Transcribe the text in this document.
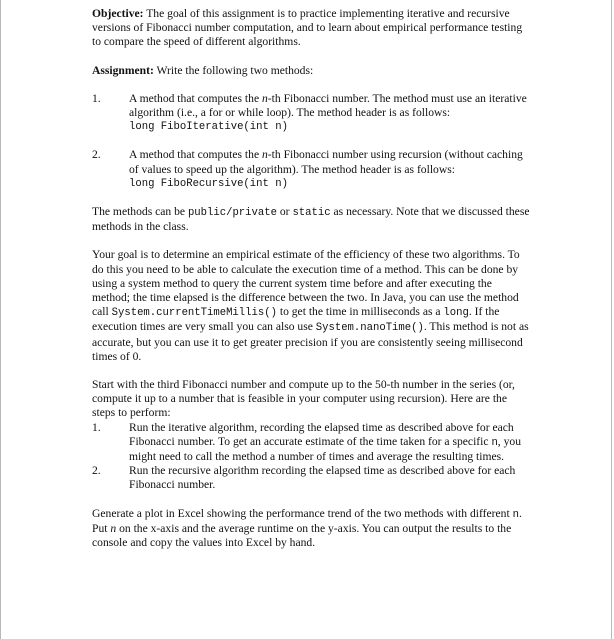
Objective: The goal of this assignment is to practice implementing iterative and recursive versions of Fibonacci number computation, and to learn about empirical performance testing to compare the speed of different algorithms.

Assignment: Write the following two methods:

1.	A method that computes the n-th Fibonacci number. The method must use an iterative algorithm (i.e., a for or while loop). The method header is as follows:
long FiboIterative(int n)
2.	A method that computes the n-th Fibonacci number using recursion (without caching of values to speed up the algorithm). The method header is as follows:
long FiboRecursive(int n)

The methods can be public/private or static as necessary. Note that we discussed these methods in the class.

Your goal is to determine an empirical estimate of the efficiency of these two algorithms. To do this you need to be able to calculate the execution time of a method. This can be done by using a system method to query the current system time before and after executing the method; the time elapsed is the difference between the two. In Java, you can use the method call System.currentTimeMillis() to get the time in milliseconds as a long. If the execution times are very small you can also use System.nanoTime(). This method is not as accurate, but you can use it to get greater precision if you are consistently seeing millisecond times of 0.

Start with the third Fibonacci number and compute up to the 50-th number in the series (or, compute it up to a number that is feasible in your computer using recursion). Here are the steps to perform:

1.	Run the iterative algorithm, recording the elapsed time as described above for each Fibonacci number. To get an accurate estimate of the time taken for a specific n, you might need to call the method a number of times and average the resulting times.
2.	Run the recursive algorithm recording the elapsed time as described above for each Fibonacci number.

Generate a plot in Excel showing the performance trend of the two methods with different n. Put n on the x-axis and the average runtime on the y-axis. You can output the results to the console and copy the values into Excel by hand.
